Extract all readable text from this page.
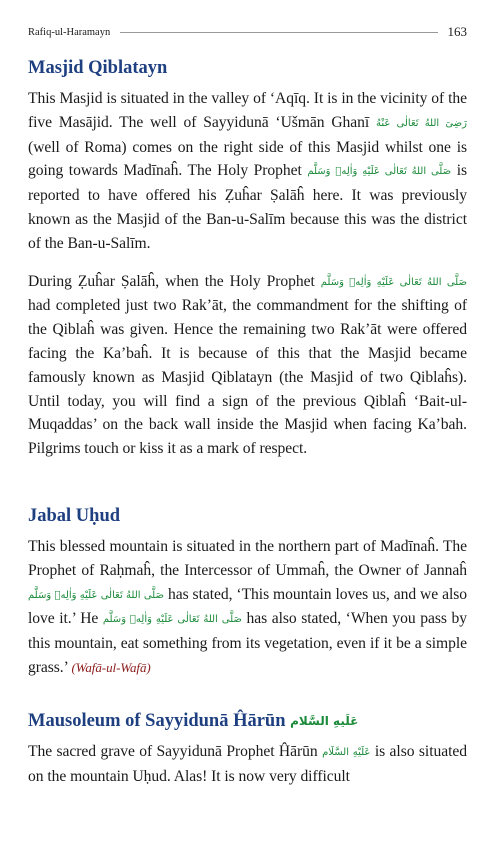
Rafiq-ul-Haramayn	163
Masjid Qiblatayn

This Masjid is situated in the valley of ‘Aqīq. It is in the vicinity of the five Masājid. The well of Sayyidunā ‘Ušmān Ghanī رَضِىَ اللهُ تَعَالٰى عَنْهُ (well of Roma) comes on the right side of this Masjid whilst one is going towards Madīnaĥ. The Holy Prophet صَلَّى اللهُ تَعَالٰى عَلَيْهِ وَاٰلِهٖ وَسَلَّم is reported to have offered his Ẓuĥar Ṣalāĥ here. It was previously known as the Masjid of the Ban-u-Salīm because this was the district of the Ban-u-Salīm.

During Ẓuĥar Ṣalāĥ, when the Holy Prophet صَلَّى اللهُ تَعَالٰى عَلَيْهِ وَاٰلِهٖ وَسَلَّم had completed just two Rak’āt, the commandment for the shifting of the Qiblaĥ was given. Hence the remaining two Rak’āt were offered facing the Ka’baĥ. It is because of this that the Masjid became famously known as Masjid Qiblatayn (the Masjid of two Qiblaĥs). Until today, you will find a sign of the previous Qiblaĥ ‘Bait-ul-Muqaddas’ on the back wall inside the Masjid when facing Ka’bah. Pilgrims touch or kiss it as a mark of respect.

Jabal Uḥud

This blessed mountain is situated in the northern part of Madīnaĥ. The Prophet of Raḥmaĥ, the Intercessor of Ummaĥ, the Owner of Jannaĥ صَلَّى اللهُ تَعَالٰى عَلَيْهِ وَاٰلِهٖ وَسَلَّم has stated, ‘This mountain loves us, and we also love it.’ He صَلَّى اللهُ تَعَالٰى عَلَيْهِ وَاٰلِهٖ وَسَلَّم has also stated, ‘When you pass by this mountain, eat something from its vegetation, even if it be a simple grass.’ (Wafā-ul-Wafā)

Mausoleum of Sayyidunā Ĥārūn عَلَيهِ السَّلام

The sacred grave of Sayyidunā Prophet Ĥārūn عَلَيْهِ السَّلَام is also situated on the mountain Uḥud. Alas! It is now very difficult
